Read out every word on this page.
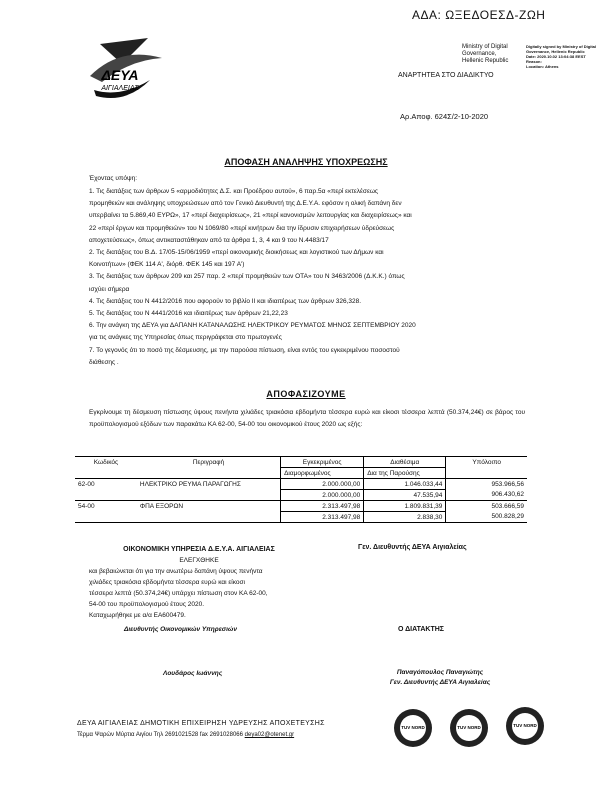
ΑΔΑ: ΩΞΕΔΟΕΣΔ-ΖΩΗ
ΔΕΥΑ
ΑΙΓΙΑΛΕΙΑΣ
Ministry of Digital
Governance,
Hellenic Republic
Digitally signed by Ministry of Digital
Governance, Hellenic Republic
Date: 2020.10.02 13:04:38 EEST
Reason:
Location: Athens
ΑΝΑΡΤΗΤΕΑ ΣΤΟ ΔΙΑΔΙΚΤΥΟ
Αρ.Αποφ. 624Σ/2-10-2020
ΑΠΟΦΑΣΗ ΑΝΑΛΗΨΗΣ ΥΠΟΧΡΕΩΣΗΣ
Έχοντας υπόψη:
1. Τις διατάξεις των άρθρων 5 «αρμοδιότητες Δ.Σ. και Προέδρου αυτού», 6 παρ.5α «περί εκτελέσεως
προμηθειών και ανάληψης υποχρεώσεων από τον Γενικό Διευθυντή της Δ.Ε.Υ.Α. εφόσον η ολική δαπάνη δεν
υπερβαίνει τα 5.869,40 ΕΥΡΩ», 17 «περί διαχειρίσεως», 21 «περί κανονισμών λειτουργίας και διαχειρίσεως» και
22 «περί έργων και προμηθειών» του Ν 1069/80 «περί κινήτρων δια την ίδρυσιν επιχειρήσεων ύδρεύσεως
αποχετεύσεως», όπως αντικαταστάθηκαν από τα άρθρα 1, 3, 4 και 9 του Ν.4483/17
2. Τις διατάξεις του Β.Δ. 17/05-15/06/1959 «περί οικονομικής διοικήσεως και λογιστικού των Δήμων και
Κοινοτήτων» (ΦΕΚ 114 Α', διόρθ. ΦΕΚ 145 και 197 Α')
3. Τις διατάξεις των άρθρων 209 και 257 παρ. 2 «περί προμηθειών των ΟΤΑ» του Ν 3463/2006 (Δ.Κ.Κ.) όπως
ισχύει σήμερα
4. Τις διατάξεις του Ν 4412/2016 που αφορούν το βιβλίο ΙΙ και ιδιαιτέρως των άρθρων 326,328.
5. Τις διατάξεις του Ν 4441/2016 και ιδιαιτέρως των άρθρων 21,22,23
6. Την ανάγκη της ΔΕΥΑ για ΔΑΠΑΝΗ ΚΑΤΑΝΑΛΩΣΗΣ ΗΛΕΚΤΡΙΚΟΥ ΡΕΥΜΑΤΟΣ ΜΗΝΟΣ ΣΕΠΤΕΜΒΡΙΟΥ 2020
για τις ανάγκες της Υπηρεσίας όπως περιγράφεται στο πρωτογενές
7. Το γεγονός ότι το ποσό της δέσμευσης, με την παρούσα πίστωση, είναι εντός του εγκεκριμένου ποσοστού
διάθεσης .
ΑΠΟΦΑΣΙΖΟΥΜΕ
Εγκρίνουμε τη δέσμευση πίστωσης ύψους πενήντα χιλιάδες τριακόσια εβδομήντα τέσσερα ευρώ και είκοσι τέσσερα λεπτά (50.374,24€) σε βάρος του προϋπολογισμού εξόδων των παρακάτω ΚΑ 62-00, 54-00 του οικονομικού έτους 2020 ως εξής:
Κωδικός	Περιγραφή	Εγκεκριμένος	Διαθέσιμα	Υπόλοιπο
		Διαμορφωμένος	Δια της Παρούσης	
62-00	ΗΛΕΚΤΡΙΚΟ ΡΕΥΜΑ ΠΑΡΑΓΩΓΗΣ	2.000.000,00	1.046.033,44	953.966,56
		2.000.000,00	47.535,94	906.430,62
54-00	ΦΠΑ ΕΞΟΡΩΝ	2.313.497,98	1.809.831,39	503.666,59
		2.313.497,98	2.838,30	500.828,29
ΟΙΚΟΝΟΜΙΚΗ ΥΠΗΡΕΣΙΑ Δ.Ε.Υ.Α. ΑΙΓΙΑΛΕΙΑΣ
ΕΛΕΓΧΘΗΚΕ
και βεβαιώνεται ότι για την ανωτέρω δαπάνη ύψους πενήντα
χιλιάδες τριακόσια εβδομήντα τέσσερα ευρώ και είκοσι
τέσσερα λεπτά (50.374,24€) υπάρχει πίστωση στον ΚΑ 62-00,
54-00 του προϋπολογισμού έτους 2020.
Καταχωρήθηκε με α/α ΕΑ600479.
Γεν. Διευθυντής ΔΕΥΑ Αιγιαλείας
Διευθυντής Οικονομικών Υπηρεσιών	Ο ΔΙΑΤΑΚΤΗΣ
Λουδάρος Ιωάννης	Παναγόπουλος Παναγιώτης
Γεν. Διευθυντής ΔΕΥΑ Αιγιαλείας
ΔΕΥΑ ΑΙΓΙΑΛΕΙΑΣ ΔΗΜΟΤΙΚΗ ΕΠΙΧΕΙΡΗΣΗ ΥΔΡΕΥΣΗΣ ΑΠΟΧΕΤΕΥΣΗΣ
Τέρμα Ψαρών Μύρτια Αιγίου Τηλ 2691021528 fax 2691028066 deya02@otenet.gr
TUV NORD	TUV NORD	TUV NORD
